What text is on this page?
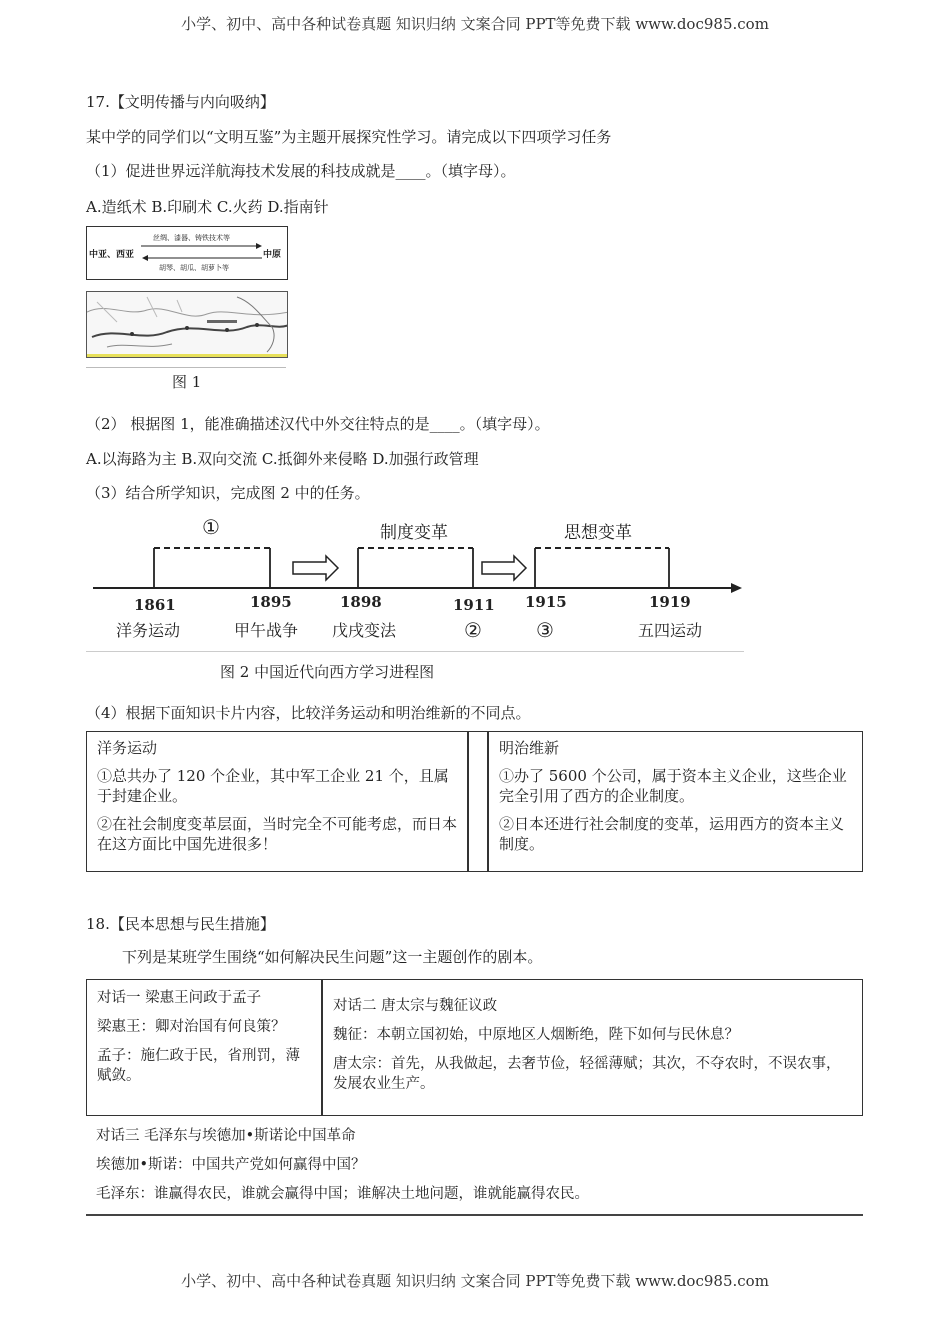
小学、初中、高中各种试卷真题 知识归纳 文案合同 PPT等免费下载 www.doc985.com
17.【文明传播与内向吸纳】
某中学的同学们以“文明互鉴”为主题开展探究性学习。请完成以下四项学习任务
（1）促进世界远洋航海技术发展的科技成就是____。（填字母）。
A.造纸术 B.印刷术 C.火药 D.指南针
中亚、西亚	中原
丝绸、漆器、铸铁技术等
胡琴、胡瓜、胡萝卜等
图 1
（2） 根据图 1，能准确描述汉代中外交往特点的是____。（填字母）。
A.以海路为主 B.双向交流 C.抵御外来侵略 D.加强行政管理
（3）结合所学知识，完成图 2 中的任务。
①	制度变革	思想变革
1861	1895	1898	1911 1915	1919
洋务运动	甲午战争 戊戌变法	②	③	五四运动
图 2 中国近代向西方学习进程图
（4）根据下面知识卡片内容，比较洋务运动和明治维新的不同点。

洋务运动

①总共办了 120 个企业，其中军工企业 21 个，且属于封建企业。

②在社会制度变革层面，当时完全不可能考虑，而日本在这方面比中国先进很多！

明治维新

①办了 5600 个公司，属于资本主义企业，这些企业完全引用了西方的企业制度。

②日本还进行社会制度的变革，运用西方的资本主义制度。

18.【民本思想与民生措施】
下列是某班学生围绕“如何解决民生问题”这一主题创作的剧本。

对话一 梁惠王问政于孟子

梁惠王：卿对治国有何良策？

孟子：施仁政于民，省刑罚，薄赋敛。

对话二 唐太宗与魏征议政

魏征：本朝立国初始，中原地区人烟断绝，陛下如何与民休息？

唐太宗：首先，从我做起，去奢节俭，轻徭薄赋；其次，不夺农时，不误农事，发展农业生产。

对话三 毛泽东与埃德加•斯诺论中国革命
埃德加•斯诺：中国共产党如何赢得中国？
毛泽东：谁赢得农民，谁就会赢得中国；谁解决土地问题，谁就能赢得农民。
小学、初中、高中各种试卷真题 知识归纳 文案合同 PPT等免费下载 www.doc985.com
